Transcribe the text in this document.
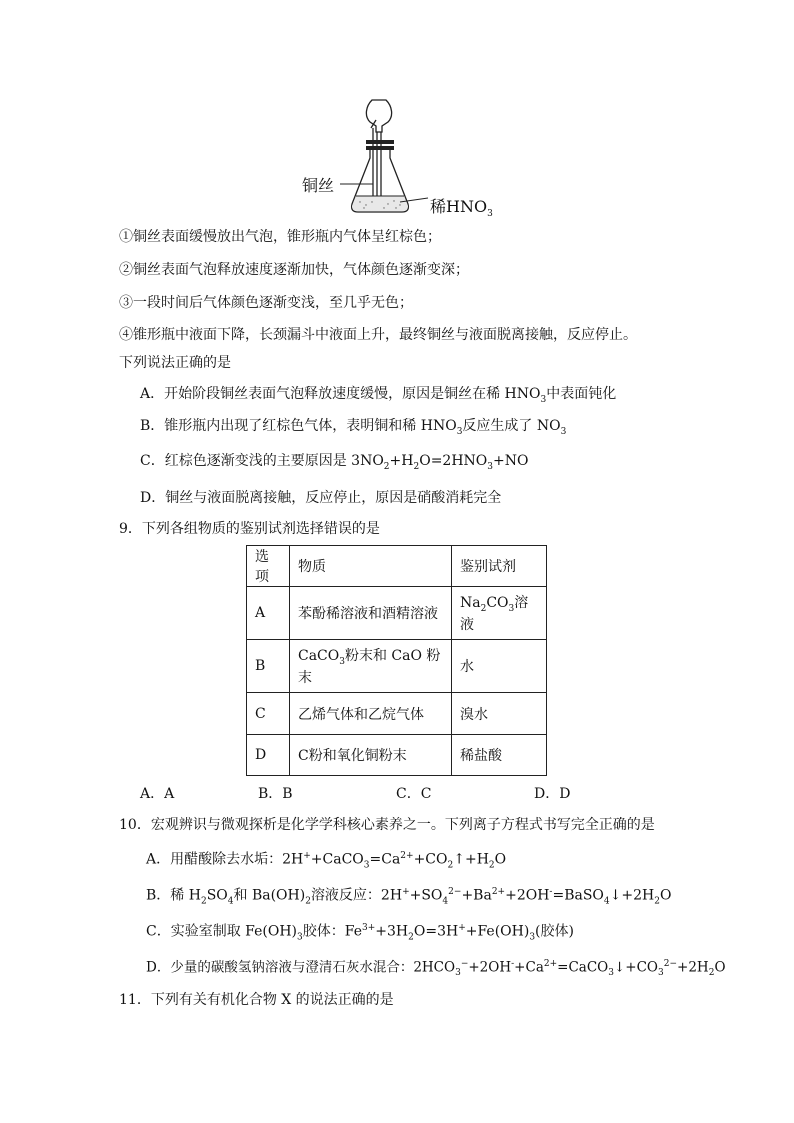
铜丝
稀$HNO_3$
①铜丝表面缓慢放出气泡，锥形瓶内气体呈红棕色；
②铜丝表面气泡释放速度逐渐加快，气体颜色逐渐变深；
③一段时间后气体颜色逐渐变浅，至几乎无色；
④锥形瓶中液面下降，长颈漏斗中液面上升，最终铜丝与液面脱离接触，反应停止。
下列说法正确的是
A．开始阶段铜丝表面气泡释放速度缓慢，原因是铜丝在稀 $HNO_3$中表面钝化
B．锥形瓶内出现了红棕色气体，表明铜和稀 $HNO_3$反应生成了 $NO_3$
C．红棕色逐渐变浅的主要原因是 $3NO_2+H_2O=2HNO_3+NO$
D．铜丝与液面脱离接触，反应停止，原因是硝酸消耗完全
9．下列各组物质的鉴别试剂选择错误的是
选项	物质	鉴别试剂
A	苯酚稀溶液和酒精溶液	$Na_2CO_3$溶液
B	CaCO$_3$粉末和 CaO 粉末	水
C	乙烯气体和乙烷气体	溴水
D	C粉和氧化铜粉末	稀盐酸
A．A	B．B	C．C	D．D
10．宏观辨识与微观探析是化学学科核心素养之一。下列离子方程式书写完全正确的是
A．用醋酸除去水垢：$2H^++CaCO_3=Ca^{2+}+CO_2↑+H_2O$
B．稀 $H_2SO_4$和 $Ba(OH)_2$溶液反应：$2H^++SO_4^{2-}+Ba^{2+}+2OH^-=BaSO_4↓+2H_2O$
C．实验室制取 $Fe(OH)_3$胶体：$Fe^{3+}+3H_2O=3H^++Fe(OH)_3$(胶体)
D．少量的碳酸氢钠溶液与澄清石灰水混合：$2HCO_3^-+2OH^-+Ca^{2+}=CaCO_3↓+CO_3^{2-}+2H_2O$
11．下列有关有机化合物 X 的说法正确的是
